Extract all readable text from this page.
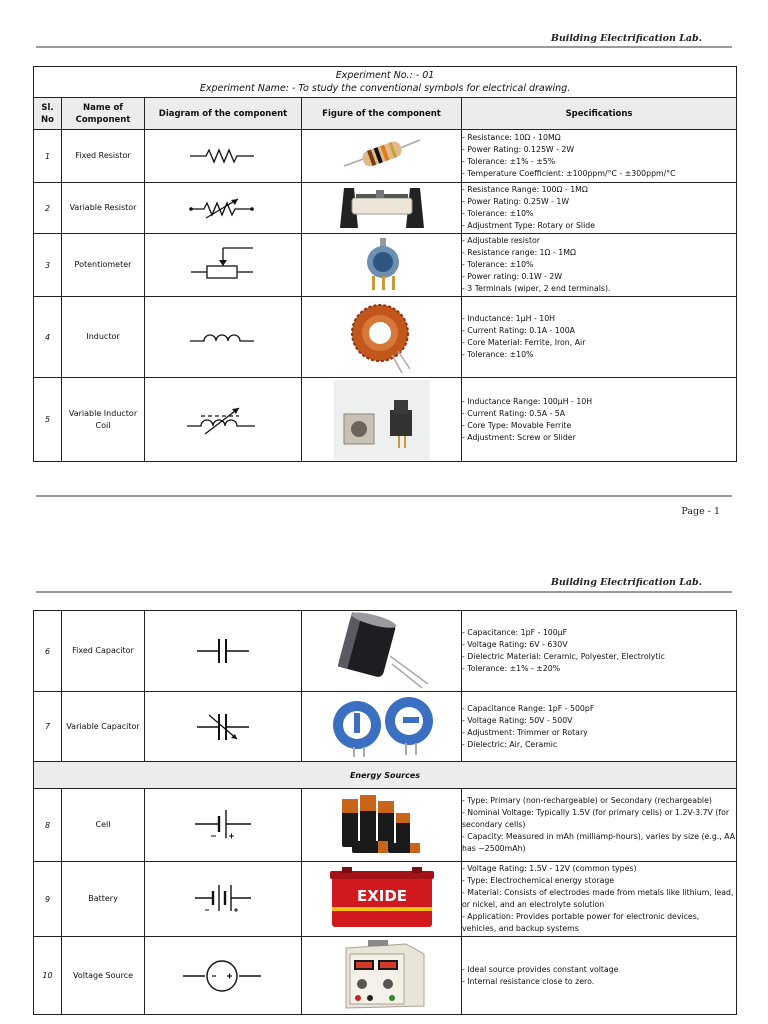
Building Electrification Lab.
Experiment No.: - 01
Experiment Name: - To study the conventional symbols for electrical drawing.				

Sl. No	Name of Component	Diagram of the component	Figure of the component	Specifications
1	Fixed Resistor			- Resistance: 10Ω - 10MΩ
- Power Rating: 0.125W - 2W
- Tolerance: ±1% - ±5%
- Temperature Coefficient: ±100ppm/°C - ±300ppm/°C

2	Variable Resistor			- Resistance Range: 100Ω - 1MΩ
- Power Rating: 0.25W - 1W
- Tolerance: ±10%
- Adjustment Type: Rotary or Slide

3	Potentiometer			- Adjustable resistor
- Resistance range: 1Ω - 1MΩ
- Tolerance: ±10%
- Power rating: 0.1W - 2W
- 3 Terminals (wiper, 2 end terminals).

4	Inductor			- Inductance: 1µH - 10H
- Current Rating: 0.1A - 100A
- Core Material: Ferrite, Iron, Air
- Tolerance: ±10%

5	Variable Inductor Coil			- Inductance Range: 100µH - 10H
- Current Rating: 0.5A - 5A
- Core Type: Movable Ferrite
- Adjustment: Screw or Slider
Page - 1
Building Electrification Lab.
6	Fixed Capacitor			- Capacitance: 1pF - 100µF
- Voltage Rating: 6V - 630V
- Dielectric Material: Ceramic, Polyester, Electrolytic
- Tolerance: ±1% - ±20%

7	Variable Capacitor			- Capacitance Range: 1pF - 500pF
- Voltage Rating: 50V - 500V
- Adjustment: Trimmer or Rotary
- Dielectric: Air, Ceramic

Energy Sources				
8	Cell			- Type: Primary (non-rechargeable) or Secondary (rechargeable)
- Nominal Voltage: Typically 1.5V (for primary cells) or 1.2V-3.7V (for secondary cells)
- Capacity: Measured in mAh (milliamp-hours), varies by size (e.g., AA has ~2500mAh)

9	Battery		EXIDE	- Voltage Rating: 1.5V - 12V (common types)
- Type: Electrochemical energy storage
- Material: Consists of electrodes made from metals like lithium, lead, or nickel, and an electrolyte solution
- Application: Provides portable power for electronic devices, vehicles, and backup systems

10	Voltage Source			- Ideal source provides constant voltage
- Internal resistance close to zero.
